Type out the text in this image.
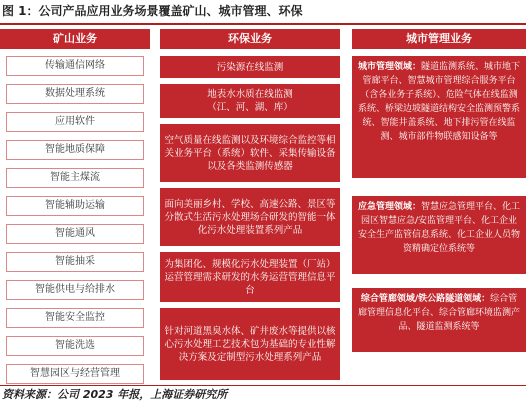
图 1：公司产品应用业务场景覆盖矿山、城市管理、环保
矿山业务	环保业务	城市管理业务
传输通信网络
数据处理系统
应用软件
智能地质保障
智能主煤流
智能辅助运输
智能通风
智能抽采
智能供电与给排水
智能安全监控
智能洗选
智慧园区与经营管理
污染源在线监测
地表水水质在线监测
（江、河、湖、库）
空气质量在线监测以及环境综合监控等相关业务平台（系统）软件、采集传输设备以及各类监测传感器
面向美丽乡村、学校、高速公路、景区等分散式生活污水处理场合研发的智能一体化污水处理装置系列产品
为集团化、规模化污水处理装置（厂站）运营管理需求研发的水务运营管理信息平台
针对河道黑臭水体、矿井废水等提供以核心污水处理工艺技术包为基础的专业性解决方案及定制型污水处理系列产品
城市管理领域：隧道监测系统、城市地下管廊平台、智慧城市管理综合服务平台（含各业务子系统）、危险气体在线监测系统、桥梁边坡隧道结构安全监测预警系统、智能井盖系统、地下排污管在线监测、城市部件物联感知设备等
应急管理领域：智慧应急管理平台、化工园区智慧应急/安监管理平台、化工企业安全生产监管信息系统、化工企业人员物资精确定位系统等
综合管廊领域/铁公路隧道领域：综合管廊管理信息化平台、综合管廊环境监测产品、隧道监测系统等
资料来源：公司 2023 年报，上海证券研究所
